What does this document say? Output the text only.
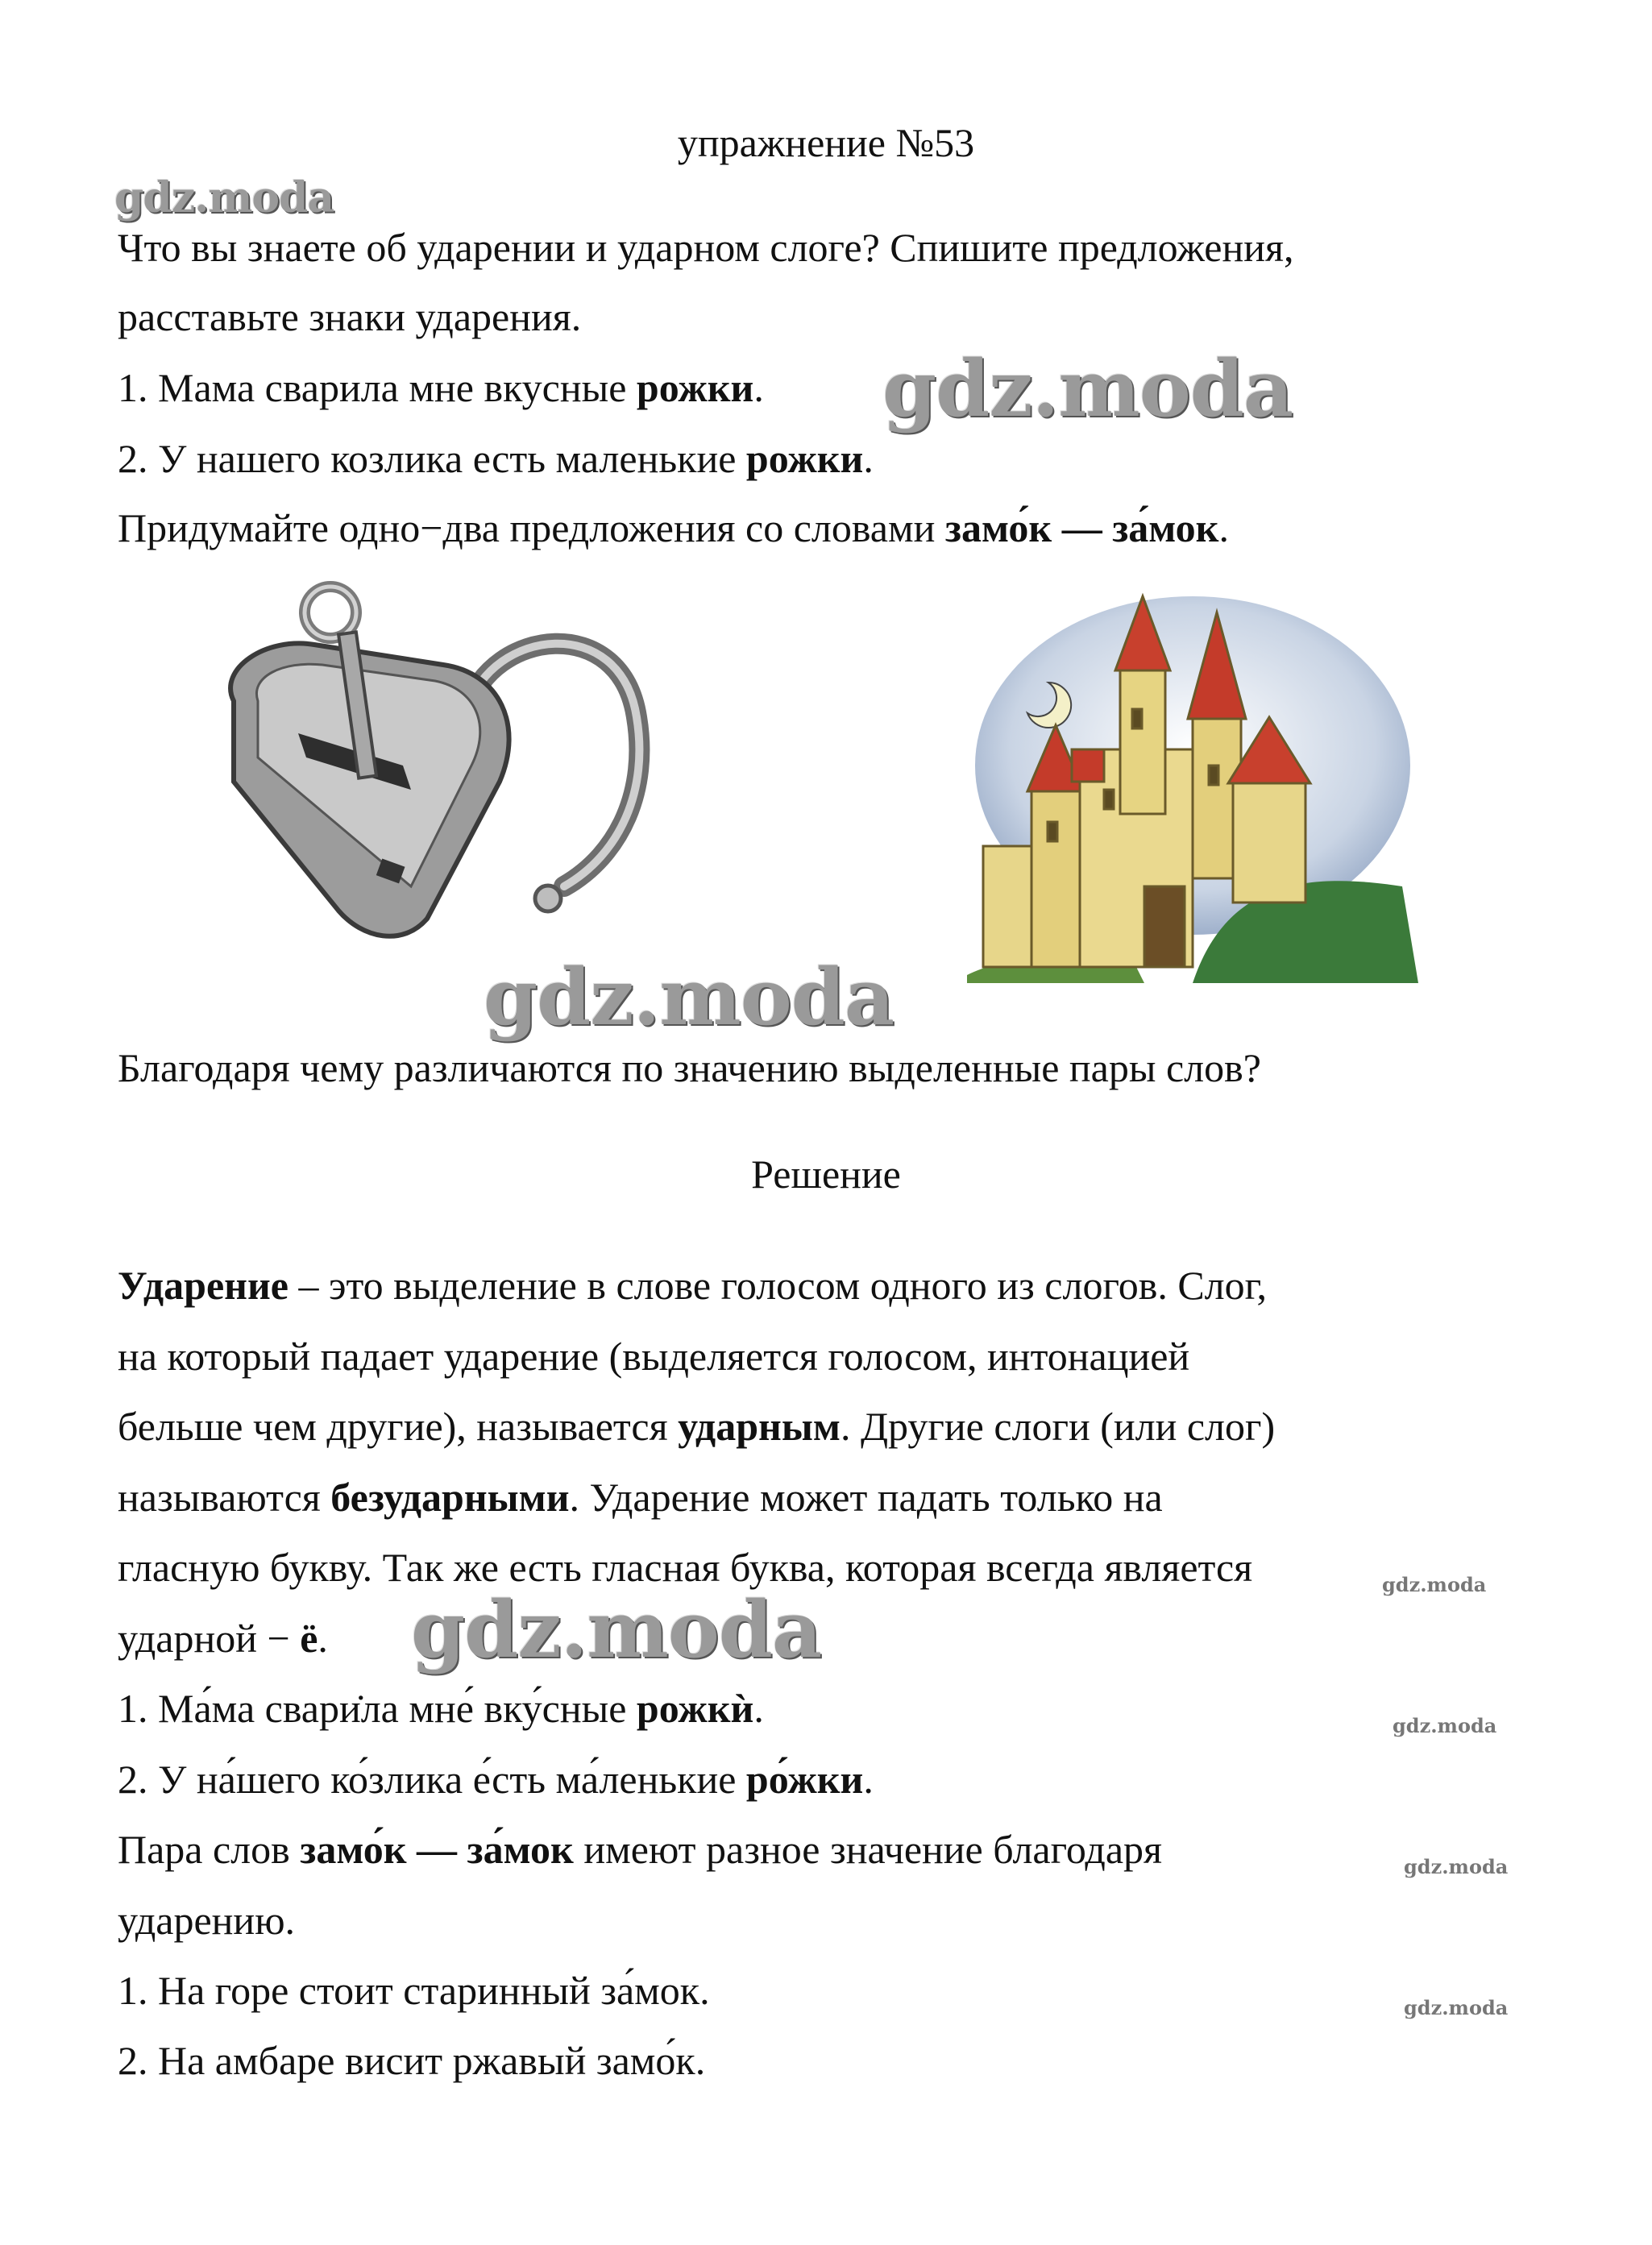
упражнение №53
Что вы знаете об ударении и ударном слоге? Спишите предложения,
расставьте знаки ударения.
1. Мама сварила мне вкусные рожки.
2. У нашего козлика есть маленькие рожки.
Придумайте одно−два предложения со словами замо́к — за́мок.
Благодаря чему различаются по значению выделенные пары слов?
Решение
Ударение – это выделение в слове голосом одного из слогов. Слог,
на который падает ударение (выделяется голосом, интонацией
бельше чем другие), называется ударным. Другие слоги (или слог)
называются безударными. Ударение может падать только на
гласную букву. Так же есть гласная буква, которая всегда является
ударной − ё.
1. Ма́ма свари̇ла мне́ вку́сные рожкѝ.
2. У на́шего ко́злика е́сть ма́ленькие ро́жки.
Пара слов замо́к — за́мок имеют разное значение благодаря
ударению.
1. На горе стоит старинный за́мок.
2. На амбаре висит ржавый замо́к.
gdz.moda
gdz.moda
gdz.moda
gdz.moda	gdz.moda
gdz.moda
gdz.moda
gdz.moda
